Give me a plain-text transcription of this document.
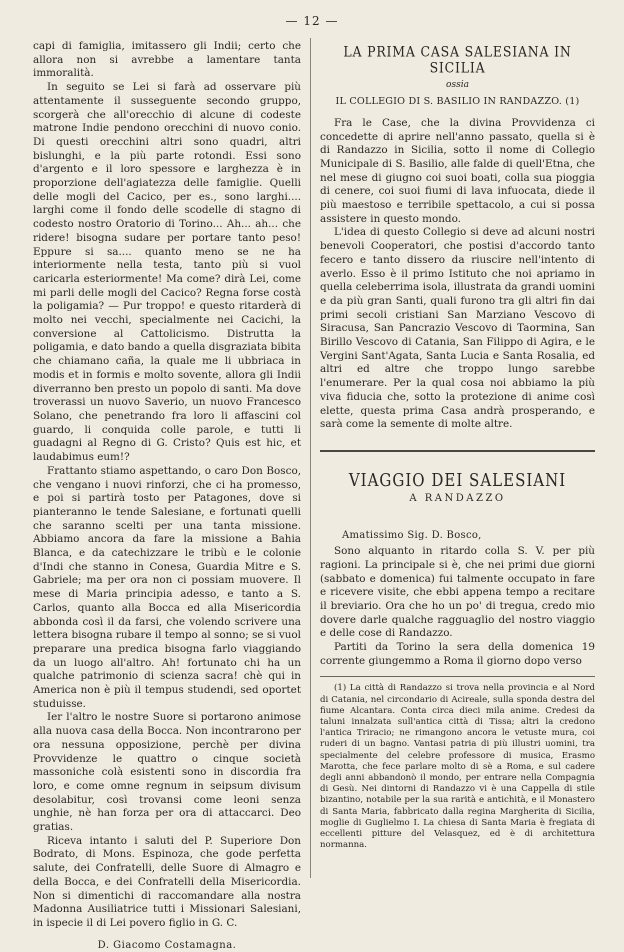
— 12 —

capi di famiglia, imitassero gli Indii; certo che allora non si avrebbe a lamentare tanta immoralità.

In seguito se Lei si farà ad osservare più attentamente il susseguente secondo gruppo, scorgerà che all'orecchio di alcune di codeste matrone Indie pendono orecchini di nuovo conio. Di questi orecchini altri sono quadri, altri bislunghi, e la più parte rotondi. Essi sono d'argento e il loro spessore e larghezza è in proporzione dell'agiatezza delle famiglie. Quelli delle mogli del Cacico, per es., sono larghi.... larghi come il fondo delle scodelle di stagno di codesto nostro Oratorio di Torino... Ah... ah... che ridere! bisogna sudare per portare tanto peso! Eppure si sa.... quanto meno se ne ha interiormente nella testa, tanto più si vuol caricarla esteriormente! Ma come? dirà Lei, come mi parli delle mogli del Cacico? Regna forse costà la poligamia? — Pur troppo! e questo ritarderà di molto nei vecchi, specialmente nei Cacichi, la conversione al Cattolicismo. Distrutta la poligamia, e dato bando a quella disgraziata bibita che chiamano caña, la quale me li ubbriaca in modis et in formis e molto sovente, allora gli Indii diverranno ben presto un popolo di santi. Ma dove troverassi un nuovo Saverio, un nuovo Francesco Solano, che penetrando fra loro li affascini col guardo, li conquida colle parole, e tutti li guadagni al Regno di G. Cristo? Quis est hic, et laudabimus eum!?

Frattanto stiamo aspettando, o caro Don Bosco, che vengano i nuovi rinforzi, che ci ha promesso, e poi si partirà tosto per Patagones, dove si pianteranno le tende Salesiane, e fortunati quelli che saranno scelti per una tanta missione. Abbiamo ancora da fare la missione a Bahia Blanca, e da catechizzare le tribù e le colonie d'Indi che stanno in Conesa, Guardia Mitre e S. Gabriele; ma per ora non ci possiam muovere. Il mese di Maria principia adesso, e tanto a S. Carlos, quanto alla Bocca ed alla Misericordia abbonda così il da farsi, che volendo scrivere una lettera bisogna rubare il tempo al sonno; se si vuol preparare una predica bisogna farlo viaggiando da un luogo all'altro. Ah! fortunato chi ha un qualche patrimonio di scienza sacra! chè qui in America non è più il tempus studendi, sed oportet studuisse.

Ier l'altro le nostre Suore si portarono animose alla nuova casa della Bocca. Non incontrarono per ora nessuna opposizione, perchè per divina Provvidenze le quattro o cinque società massoniche colà esistenti sono in discordia fra loro, e come omne regnum in seipsum divisum desolabitur, così trovansi come leoni senza unghie, nè han forza per ora di attaccarci. Deo gratias.

Riceva intanto i saluti del P. Superiore Don Bodrato, di Mons. Espinoza, che gode perfetta salute, dei Confratelli, delle Suore di Almagro e della Bocca, e dei Confratelli della Misericordia. Non si dimentichi di raccomandare alla nostra Madonna Ausiliatrice tutti i Missionari Salesiani, in ispecie il di Lei povero figlio in G. C.

D. Giacomo Costamagna.

LA PRIMA CASA SALESIANA IN SICILIA
ossia
IL COLLEGIO DI S. BASILIO IN RANDAZZO. (1)

Fra le Case, che la divina Provvidenza ci concedette di aprire nell'anno passato, quella si è di Randazzo in Sicilia, sotto il nome di Collegio Municipale di S. Basilio, alle falde di quell'Etna, che nel mese di giugno coi suoi boati, colla sua pioggia di cenere, coi suoi fiumi di lava infuocata, diede il più maestoso e terribile spettacolo, a cui si possa assistere in questo mondo.

L'idea di questo Collegio si deve ad alcuni nostri benevoli Cooperatori, che postisi d'accordo tanto fecero e tanto dissero da riuscire nell'intento di averlo. Esso è il primo Istituto che noi apriamo in quella celeberrima isola, illustrata da grandi uomini e da più gran Santi, quali furono tra gli altri fin dai primi secoli cristiani San Marziano Vescovo di Siracusa, San Pancrazio Vescovo di Taormina, San Birillo Vescovo di Catania, San Filippo di Agira, e le Vergini Sant'Agata, Santa Lucia e Santa Rosalia, ed altri ed altre che troppo lungo sarebbe l'enumerare. Per la qual cosa noi abbiamo la più viva fiducia che, sotto la protezione di anime così elette, questa prima Casa andrà prosperando, e sarà come la semente di molte altre.

VIAGGIO DEI SALESIANI
A RANDAZZO

Amatissimo Sig. D. Bosco,

Sono alquanto in ritardo colla S. V. per più ragioni. La principale si è, che nei primi due giorni (sabbato e domenica) fui talmente occupato in fare e ricevere visite, che ebbi appena tempo a recitare il breviario. Ora che ho un po' di tregua, credo mio dovere darle qualche ragguaglio del nostro viaggio e delle cose di Randazzo.

Partiti da Torino la sera della domenica 19 corrente giungemmo a Roma il giorno dopo verso

(1) La città di Randazzo si trova nella provincia e al Nord di Catania, nel circondario di Acireale, sulla sponda destra del fiume Alcantara. Conta circa dieci mila anime. Credesi da taluni innalzata sull'antica città di Tissa; altri la credono l'antica Triracio; ne rimangono ancora le vetuste mura, coi ruderi di un bagno. Vantasi patria di più illustri uomini, tra specialmente del celebre professore di musica, Erasmo Marotta, che fece parlare molto di sè a Roma, e sul cadere degli anni abbandonò il mondo, per entrare nella Compagnia di Gesù. Nei dintorni di Randazzo vi è una Cappella di stile bizantino, notabile per la sua rarità e antichità, e il Monastero di Santa Maria, fabbricato dalla regina Margherita di Sicilia, moglie di Guglielmo I. La chiesa di Santa Maria è fregiata di eccellenti pitture del Velasquez, ed è di architettura normanna.
